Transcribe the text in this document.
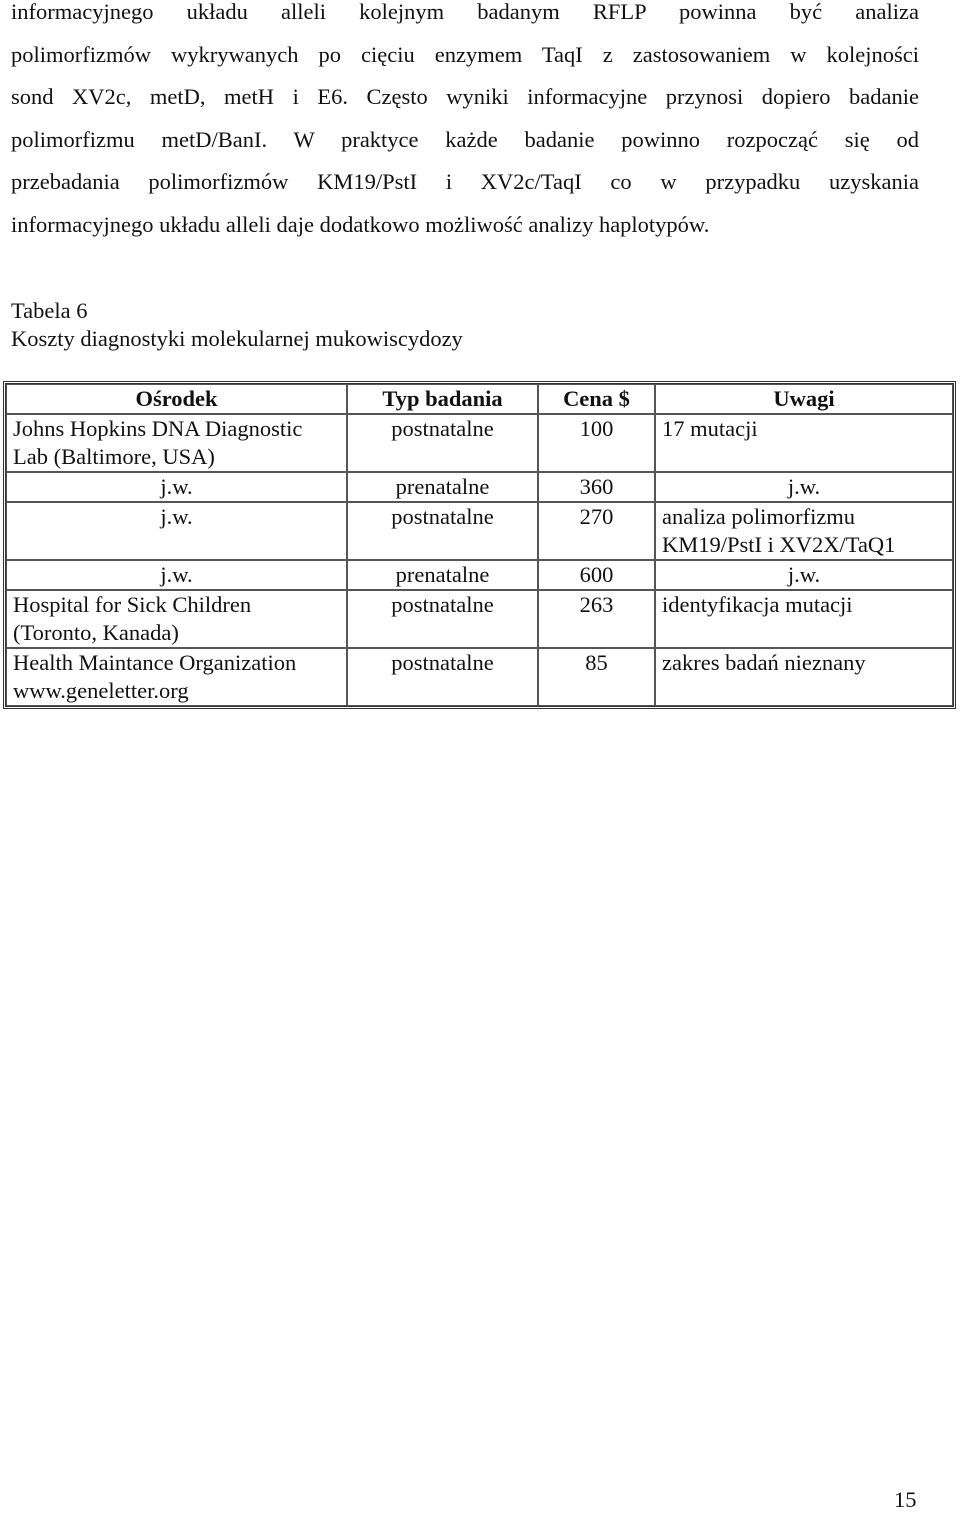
informacyjnego układu alleli kolejnym badanym RFLP powinna być analiza
polimorfizmów wykrywanych po cięciu enzymem TaqI z zastosowaniem w kolejności
sond XV2c, metD, metH i E6. Często wyniki informacyjne przynosi dopiero badanie
polimorfizmu metD/BanI. W praktyce każde badanie powinno rozpocząć się od
przebadania polimorfizmów KM19/PstI i XV2c/TaqI co w przypadku uzyskania
informacyjnego układu alleli daje dodatkowo możliwość analizy haplotypów.
Tabela 6
Koszty diagnostyki molekularnej mukowiscydozy
Ośrodek	Typ badania	Cena $	Uwagi

Johns Hopkins DNA Diagnostic
Lab (Baltimore, USA)	postnatalne	100	17 mutacji

j.w.	prenatalne	360	j.w.

j.w.	postnatalne	270	analiza polimorfizmu
KM19/PstI i XV2X/TaQ1

j.w.	prenatalne	600	j.w.

Hospital for Sick Children
(Toronto, Kanada)	postnatalne	263	identyfikacja mutacji

Health Maintance Organization
www.geneletter.org	postnatalne	85	zakres badań nieznany
15
